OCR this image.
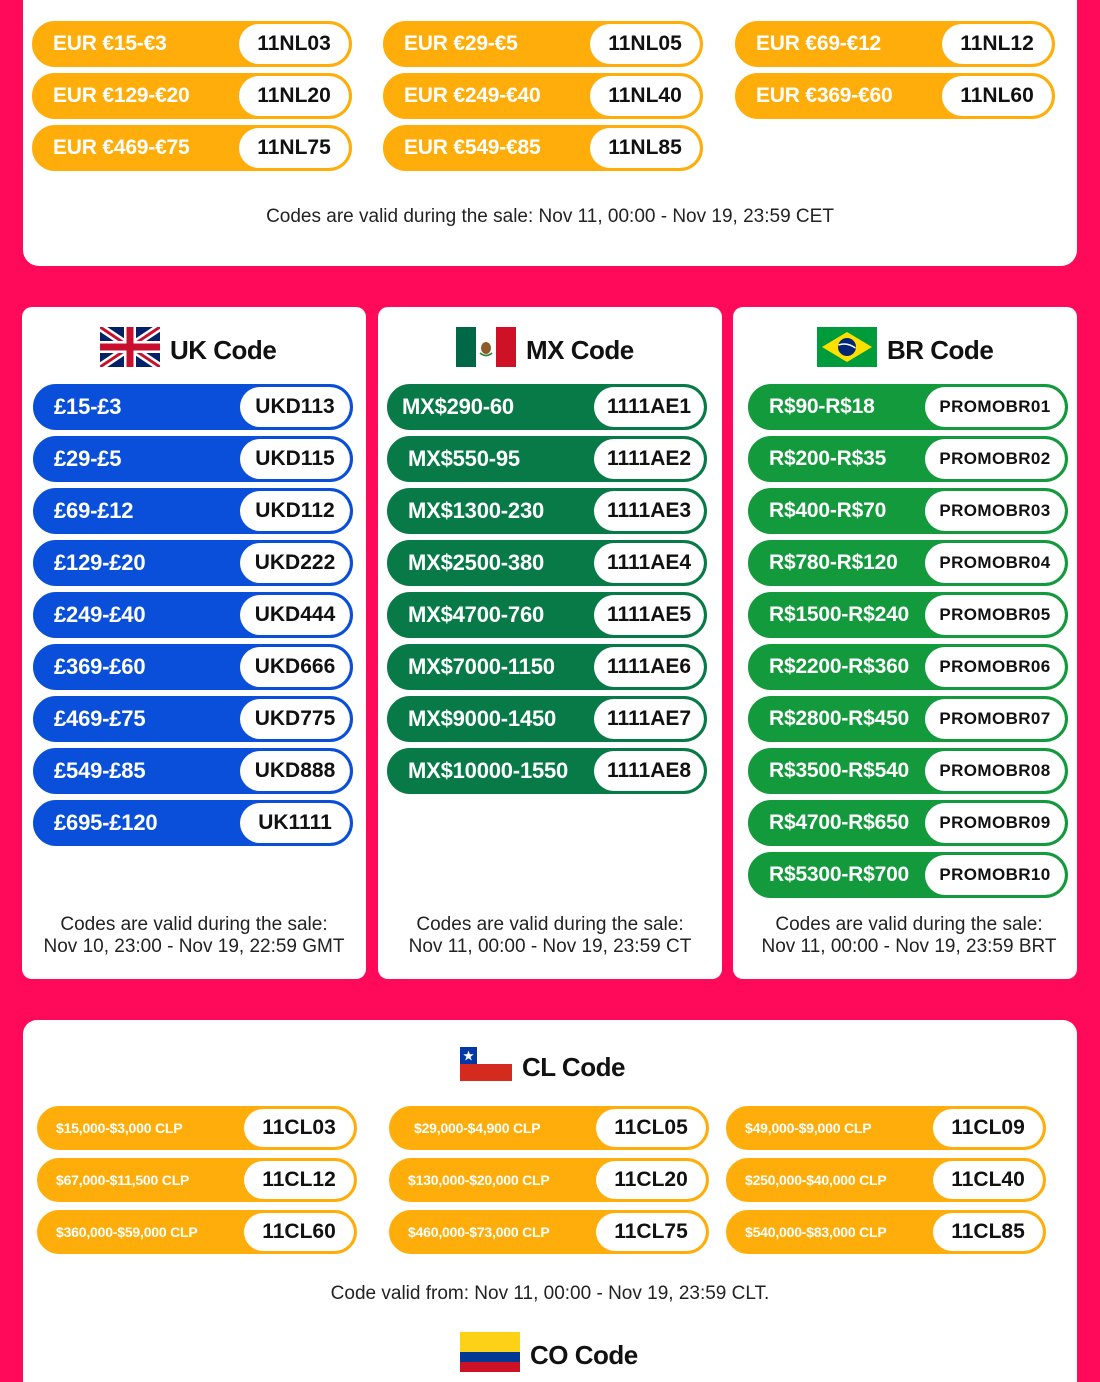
EUR €15-€3	11NL03	EUR €29-€5	11NL05	EUR €69-€12	11NL12
EUR €129-€20	11NL20	EUR €249-€40	11NL40	EUR €369-€60	11NL60
EUR €469-€75	11NL75	EUR €549-€85	11NL85
Codes are valid during the sale: Nov 11, 00:00 - Nov 19, 23:59 CET
UK Code
£15-£3	UKD113
£29-£5	UKD115
£69-£12	UKD112
£129-£20	UKD222
£249-£40	UKD444
£369-£60	UKD666
£469-£75	UKD775
£549-£85	UKD888
£695-£120	UK1111
Codes are valid during the sale:
Nov 10, 23:00 - Nov 19, 22:59 GMT
MX Code
MX$290-60	1111AE1
MX$550-95	1111AE2
MX$1300-230	1111AE3
MX$2500-380	1111AE4
MX$4700-760	1111AE5
MX$7000-1150	1111AE6
MX$9000-1450	1111AE7
MX$10000-1550	1111AE8
Codes are valid during the sale:
Nov 11, 00:00 - Nov 19, 23:59 CT
BR Code
R$90-R$18	PROMOBR01
R$200-R$35	PROMOBR02
R$400-R$70	PROMOBR03
R$780-R$120	PROMOBR04
R$1500-R$240	PROMOBR05
R$2200-R$360	PROMOBR06
R$2800-R$450	PROMOBR07
R$3500-R$540	PROMOBR08
R$4700-R$650	PROMOBR09
R$5300-R$700	PROMOBR10
Codes are valid during the sale:
Nov 11, 00:00 - Nov 19, 23:59 BRT
CL Code
$15,000-$3,000 CLP	11CL03	$29,000-$4,900 CLP	11CL05	$49,000-$9,000 CLP	11CL09
$67,000-$11,500 CLP	11CL12	$130,000-$20,000 CLP	11CL20	$250,000-$40,000 CLP	11CL40
$360,000-$59,000 CLP	11CL60	$460,000-$73,000 CLP	11CL75	$540,000-$83,000 CLP	11CL85
Code valid from: Nov 11, 00:00 - Nov 19, 23:59 CLT.
CO Code
